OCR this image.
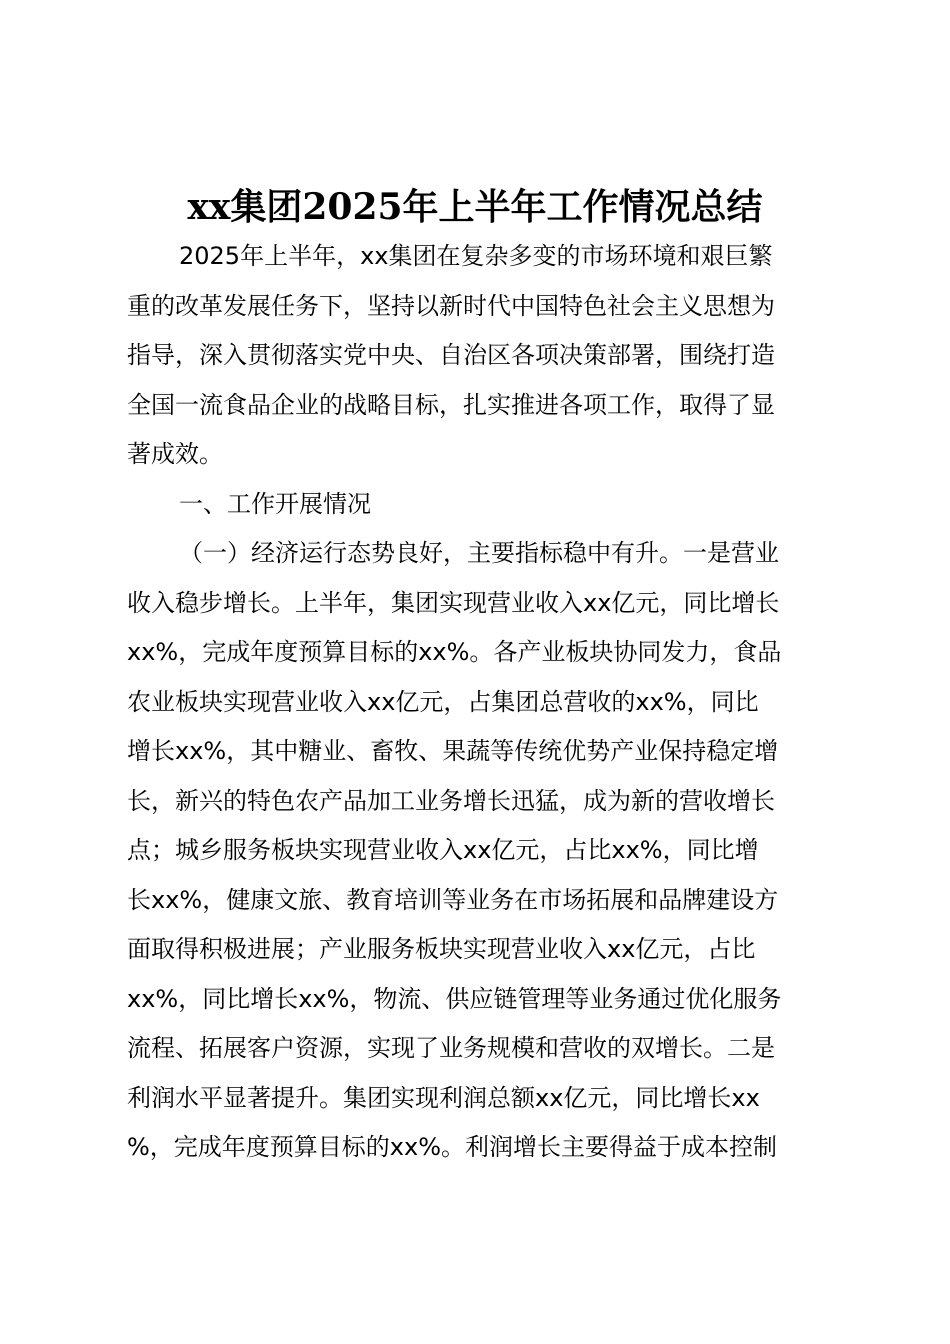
xx集团2025年上半年工作情况总结
2025年上半年，xx集团在复杂多变的市场环境和艰巨繁
重的改革发展任务下，坚持以新时代中国特色社会主义思想为
指导，深入贯彻落实党中央、自治区各项决策部署，围绕打造
全国一流食品企业的战略目标，扎实推进各项工作，取得了显
著成效。
一、工作开展情况
（一）经济运行态势良好，主要指标稳中有升。一是营业
收入稳步增长。上半年，集团实现营业收入xx亿元，同比增长
xx%，完成年度预算目标的xx%。各产业板块协同发力，食品
农业板块实现营业收入xx亿元，占集团总营收的xx%，同比
增长xx%，其中糖业、畜牧、果蔬等传统优势产业保持稳定增
长，新兴的特色农产品加工业务增长迅猛，成为新的营收增长
点；城乡服务板块实现营业收入xx亿元，占比xx%，同比增
长xx%，健康文旅、教育培训等业务在市场拓展和品牌建设方
面取得积极进展；产业服务板块实现营业收入xx亿元，占比
xx%，同比增长xx%，物流、供应链管理等业务通过优化服务
流程、拓展客户资源，实现了业务规模和营收的双增长。二是
利润水平显著提升。集团实现利润总额xx亿元，同比增长xx
%，完成年度预算目标的xx%。利润增长主要得益于成本控制
